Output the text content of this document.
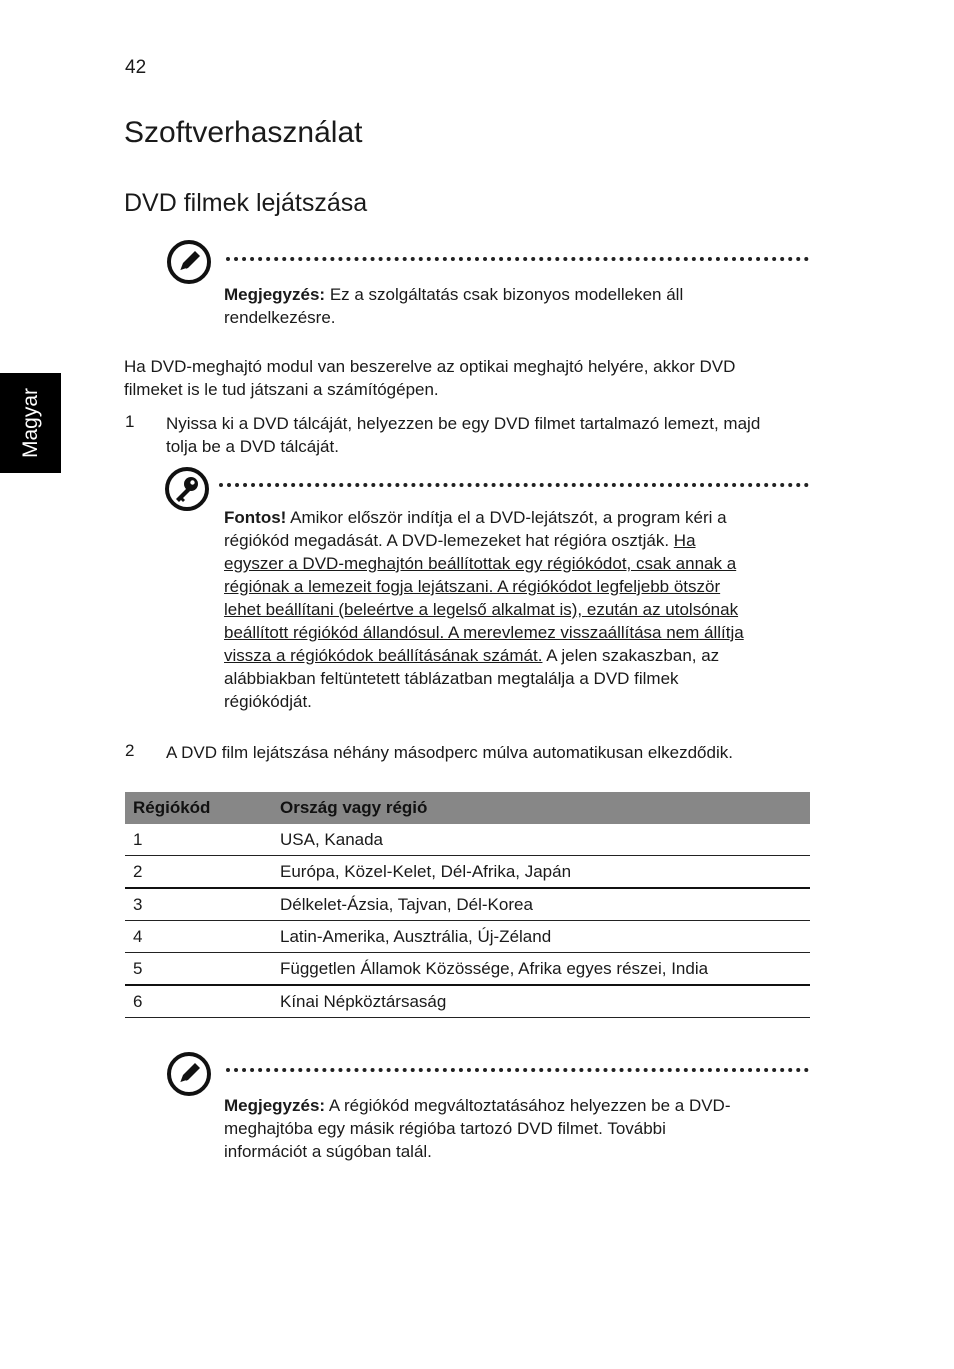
42
Szoftverhasználat
DVD filmek lejátszása
Magyar
Megjegyzés: Ez a szolgáltatás csak bizonyos modelleken áll rendelkezésre.
Ha DVD-meghajtó modul van beszerelve az optikai meghajtó helyére, akkor DVD
filmeket is le tud játszani a számítógépen.
1 Nyissa ki a DVD tálcáját, helyezzen be egy DVD filmet tartalmazó lemezt, majd
tolja be a DVD tálcáját.
Fontos! Amikor először indítja el a DVD-lejátszót, a program kéri a
régiókód megadását. A DVD-lemezeket hat régióra osztják. Ha
egyszer a DVD-meghajtón beállítottak egy régiókódot, csak annak a
régiónak a lemezeit fogja lejátszani. A régiókódot legfeljebb ötször
lehet beállítani (beleértve a legelső alkalmat is), ezután az utolsónak
beállított régiókód állandósul. A merevlemez visszaállítása nem állítja
vissza a régiókódok beállításának számát. A jelen szakaszban, az
alábbiakban feltüntetett táblázatban megtalálja a DVD filmek
régiókódját.
2 A DVD film lejátszása néhány másodperc múlva automatikusan elkezdődik.
Régiókód	Ország vagy régió
1	USA, Kanada
2	Európa, Közel-Kelet, Dél-Afrika, Japán
3	Délkelet-Ázsia, Tajvan, Dél-Korea
4	Latin-Amerika, Ausztrália, Új-Zéland
5	Független Államok Közössége, Afrika egyes részei, India
6	Kínai Népköztársaság
Megjegyzés: A régiókód megváltoztatásához helyezzen be a DVD-
meghajtóba egy másik régióba tartozó DVD filmet. További
információt a súgóban talál.
